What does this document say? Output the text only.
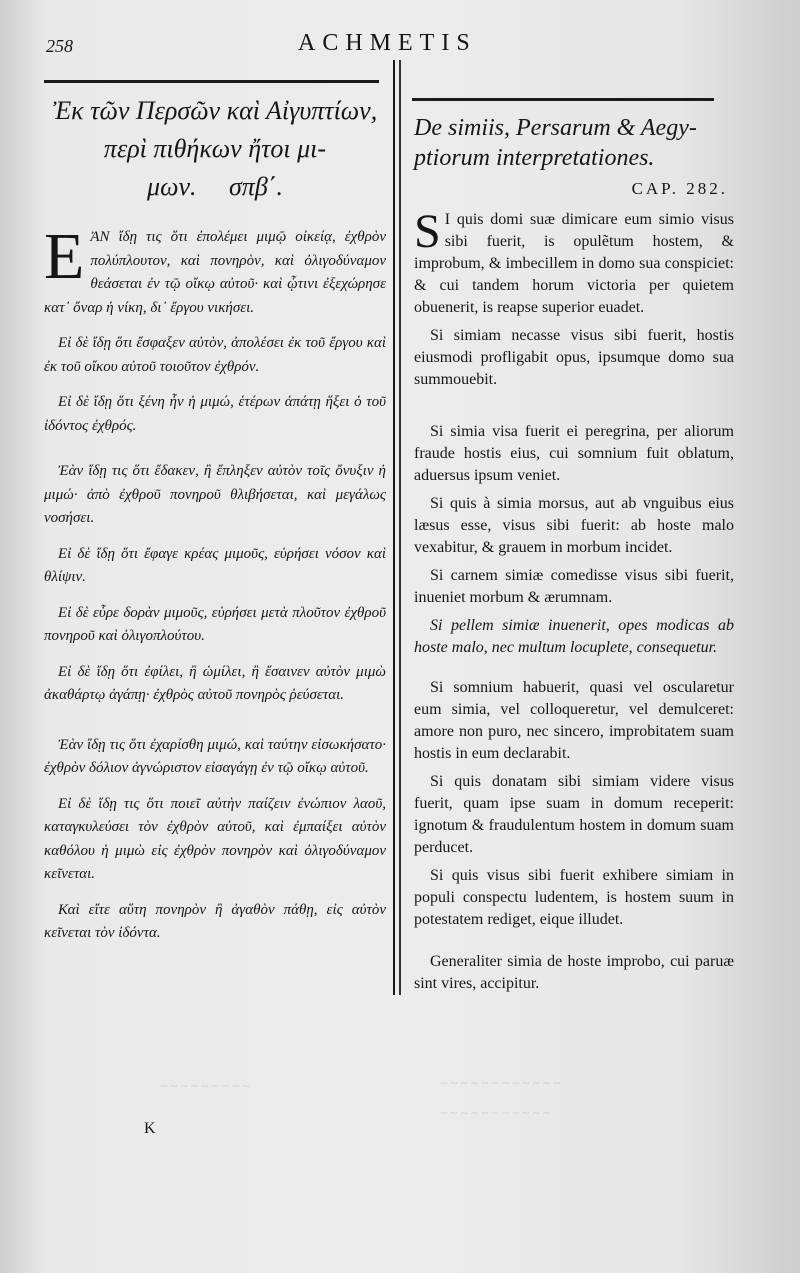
258	ACHMETIS
Ἐκ τῶν Περσῶν καὶ Αἰγυπτίων,
περὶ πιθήκων ἤτοι μι-
μων. σπβ΄.

E ἈΝ ἴδῃ τις ὅτι ἐπολέμει μιμῷ οἰκείᾳ, ἐχθρὸν πολύπλουτον, καὶ πονηρὸν, καὶ ὀλιγοδύναμον θεάσεται ἐν τῷ οἴκῳ αὐτοῦ· καὶ ᾧτινι ἐξεχώρησε κατ᾽ ὄναρ ἡ νίκη, δι᾽ ἔργου νικήσει.

Εἰ δὲ ἴδῃ ὅτι ἔσφαξεν αὐτὸν, ἀπολέσει ἐκ τοῦ ἔργου καὶ ἐκ τοῦ οἴκου αὐτοῦ τοιοῦτον ἐχθρόν.

Εἰ δὲ ἴδῃ ὅτι ξένη ἦν ἡ μιμώ, ἑτέρων ἀπάτῃ ἥξει ὁ τοῦ ἰδόντος ἐχθρός.

Ἐὰν ἴδῃ τις ὅτι ἔδακεν, ἢ ἔπληξεν αὐτὸν τοῖς ὄνυξιν ἡ μιμώ· ἀπὸ ἐχθροῦ πονηροῦ θλιβήσεται, καὶ μεγάλως νοσήσει.

Εἰ δὲ ἴδῃ ὅτι ἔφαγε κρέας μιμοῦς, εὑρήσει νόσον καὶ θλίψιν.

Εἰ δὲ εὗρε δορὰν μιμοῦς, εὑρήσει μετὰ πλοῦτον ἐχθροῦ πονηροῦ καὶ ὀλιγοπλούτου.

Εἰ δὲ ἴδῃ ὅτι ἐφίλει, ἢ ὡμίλει, ἢ ἔσαινεν αὐτὸν μιμὼ ἀκαθάρτῳ ἀγάπῃ· ἐχθρὸς αὐτοῦ πονηρὸς ῥεύσεται.

Ἐὰν ἴδῃ τις ὅτι ἐχαρίσθη μιμώ, καὶ ταύτην εἰσωκήσατο· ἐχθρὸν δόλιον ἀγνώριστον εἰσαγάγῃ ἐν τῷ οἴκῳ αὐτοῦ.

Εἰ δὲ ἴδῃ τις ὅτι ποιεῖ αὐτὴν παίζειν ἐνώπιον λαοῦ, καταγκυλεύσει τὸν ἐχθρὸν αὐτοῦ, καὶ ἐμπαίξει αὐτὸν καθόλου ἡ μιμὼ εἰς ἐχθρὸν πονηρὸν καὶ ὀλιγοδύναμον κεῖνεται.

Καὶ εἴτε αὕτη πονηρὸν ἢ ἀγαθὸν πάθῃ, εἰς αὐτὸν κεῖνεται τὸν ἰδόντα.

De simiis, Persarum & Aegy-
ptiorum interpretationes.
CAP. 282.

S I quis domi suæ dimicare eum simio visus sibi fuerit, is opulẽtum hostem, & improbum, & imbecillem in domo sua conspiciet: & cui tandem horum victoria per quietem obuenerit, is reapse superior euadet.

Si simiam necasse visus sibi fuerit, hostis eiusmodi profligabit opus, ipsumque domo sua summouebit.

Si simia visa fuerit ei peregrina, per aliorum fraude hostis eius, cui somnium fuit oblatum, aduersus ipsum veniet.

Si quis à simia morsus, aut ab vnguibus eius læsus esse, visus sibi fuerit: ab hoste malo vexabitur, & grauem in morbum incidet.

Si carnem simiæ comedisse visus sibi fuerit, inueniet morbum & ærumnam.

Si pellem simiæ inuenerit, opes modicas ab hoste malo, nec multum locuplete, consequetur.

Si somnium habuerit, quasi vel oscularetur eum simia, vel colloqueretur, vel demulceret: amore non puro, nec sincero, improbitatem suam hostis in eum declarabit.

Si quis donatam sibi simiam videre visus fuerit, quam ipse suam in domum receperit: ignotum & fraudulentum hostem in domum suam perducet.

Si quis visus sibi fuerit exhibere simiam in populi conspectu ludentem, is hostem suum in potestatem rediget, eique illudet.

Generaliter simia de hoste improbo, cui paruæ sint vires, accipitur.

K
~ ~ ~ ~ ~ ~ ~ ~ ~	~ ~ ~ ~ ~ ~ ~ ~ ~ ~ ~ ~
~ ~ ~ ~ ~ ~ ~ ~ ~ ~ ~
